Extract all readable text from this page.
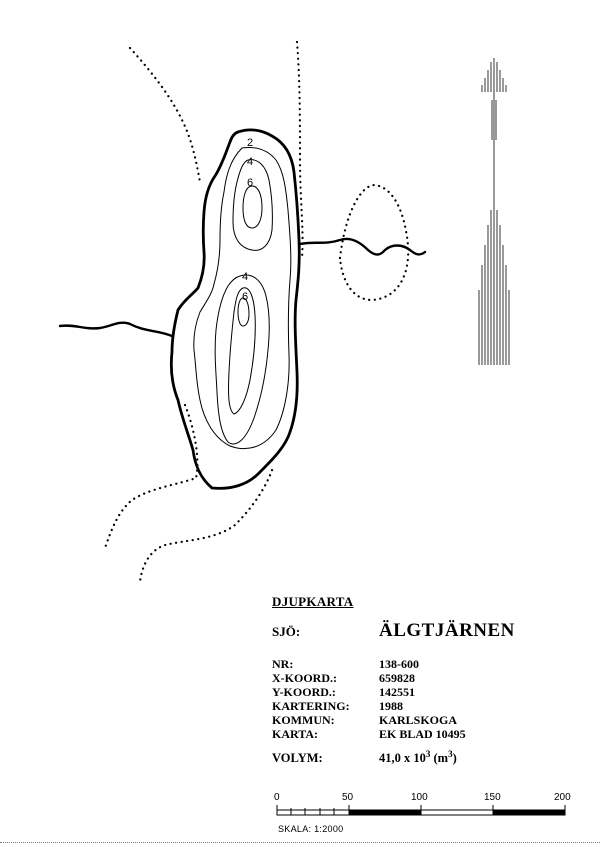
2
4
6
4
6
DJUPKARTA
SJÖ:	ÄLGTJÄRNEN
NR:	138-600
X-KOORD.:	659828
Y-KOORD.:	142551
KARTERING: 1988
KOMMUN:	KARLSKOGA
KARTA:	EK BLAD 10495
VOLYM:	41,0 x $10^3$ $(m^3)$
0	50	100	150	200
SKALA: 1:2000
